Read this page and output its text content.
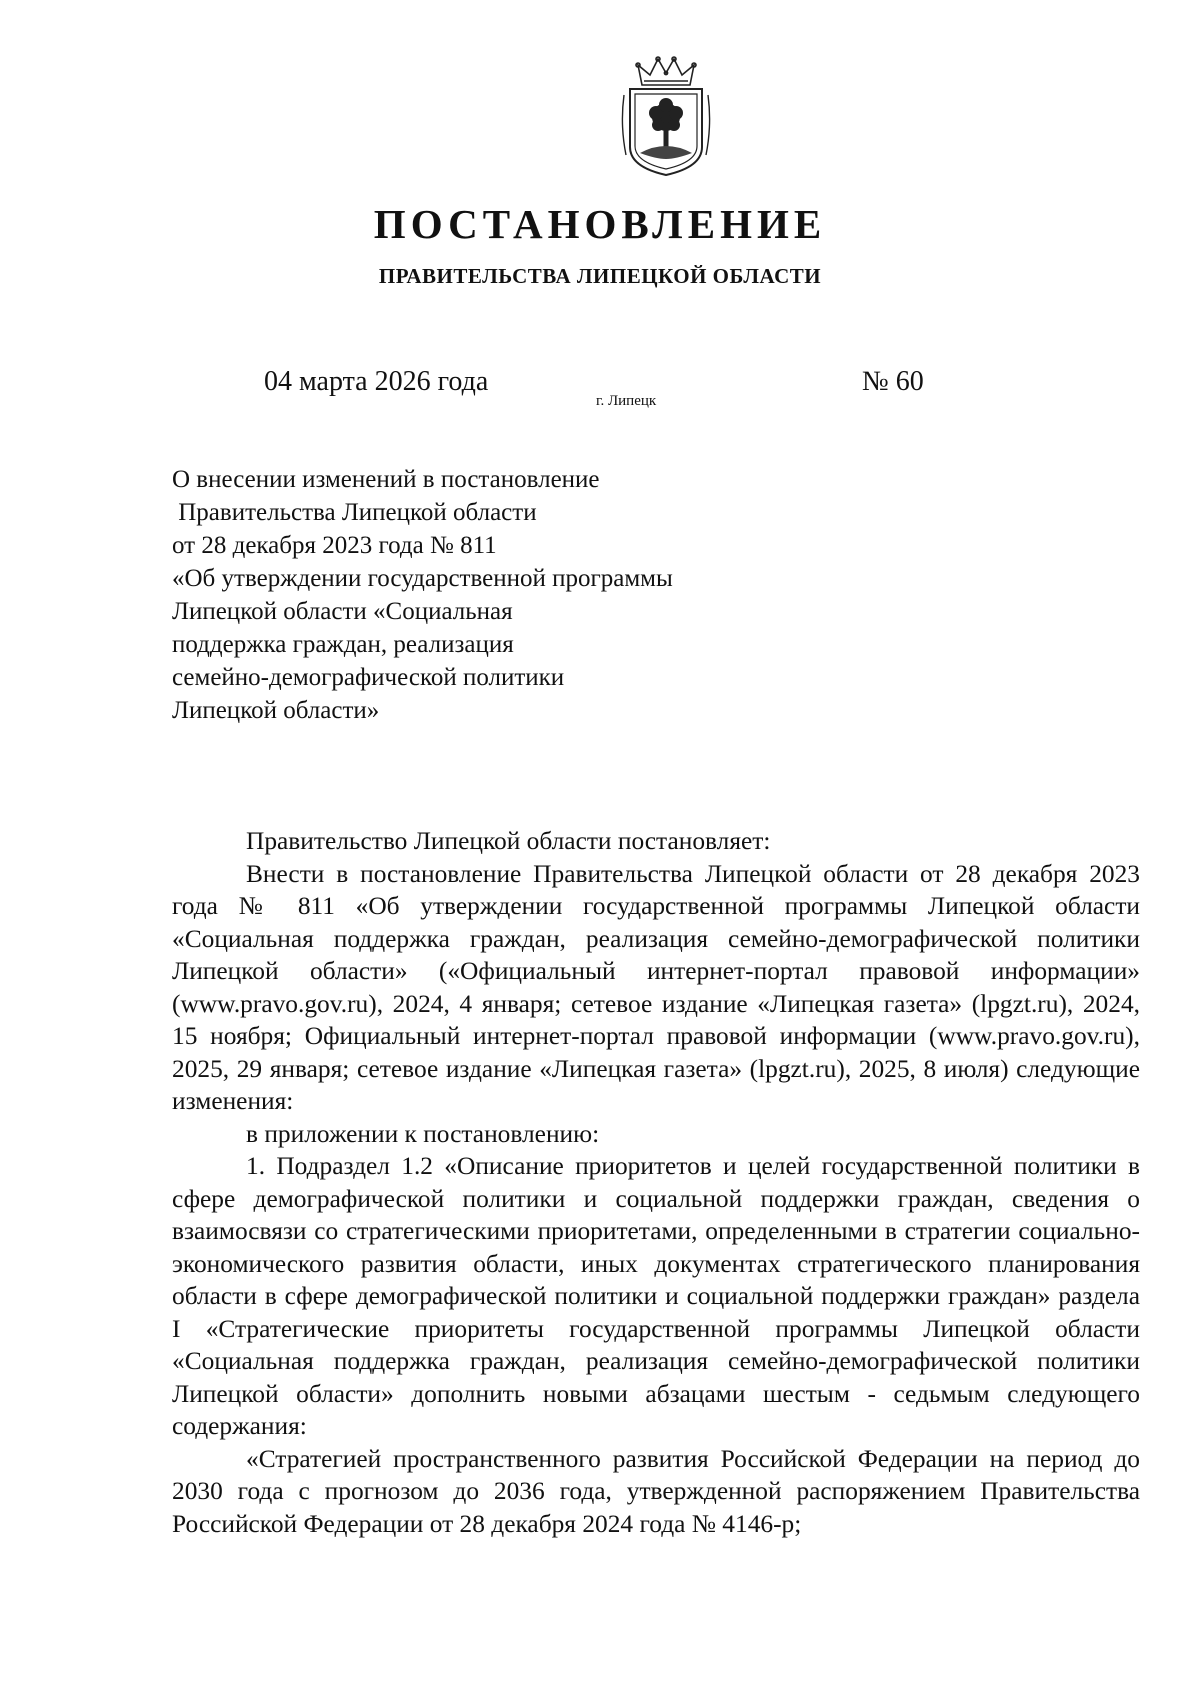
ПОСТАНОВЛЕНИЕ
ПРАВИТЕЛЬСТВА ЛИПЕЦКОЙ ОБЛАСТИ
04 марта 2026 года
г. Липецк
№ 60
О внесении изменений в постановление
Правительства Липецкой области
от 28 декабря 2023 года № 811
«Об утверждении государственной программы
Липецкой области «Социальная
поддержка граждан, реализация
семейно-демографической политики
Липецкой области»

Правительство Липецкой области постановляет:

Внести в постановление Правительства Липецкой области от 28 декабря 2023 года № 811 «Об утверждении государственной программы Липецкой области «Социальная поддержка граждан, реализация семейно-демографической политики Липецкой области» («Официальный интернет-портал правовой информации» (www.pravo.gov.ru), 2024, 4 января; сетевое издание «Липецкая газета» (lpgzt.ru), 2024, 15 ноября; Официальный интернет-портал правовой информации (www.pravo.gov.ru), 2025, 29 января; сетевое издание «Липецкая газета» (lpgzt.ru), 2025, 8 июля) следующие изменения:

в приложении к постановлению:

1. Подраздел 1.2 «Описание приоритетов и целей государственной политики в сфере демографической политики и социальной поддержки граждан, сведения о взаимосвязи со стратегическими приоритетами, определенными в стратегии социально-экономического развития области, иных документах стратегического планирования области в сфере демографической политики и социальной поддержки граждан» раздела I «Стратегические приоритеты государственной программы Липецкой области «Социальная поддержка граждан, реализация семейно-демографической политики Липецкой области» дополнить новыми абзацами шестым - седьмым следующего содержания:

«Стратегией пространственного развития Российской Федерации на период до 2030 года с прогнозом до 2036 года, утвержденной распоряжением Правительства Российской Федерации от 28 декабря 2024 года № 4146-р;
